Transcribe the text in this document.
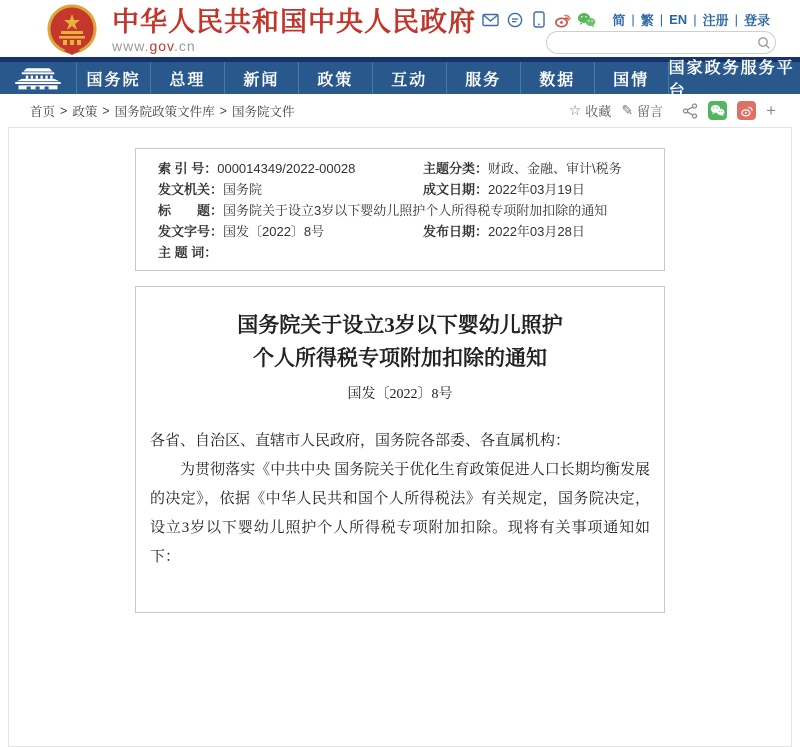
中华人民共和国中央人民政府
www.gov.cn
简 | 繁 | EN | 注册 | 登录
国务院	总理	新闻	政策	互动	服务	数据	国情
国家政务服务平台
首页 > 政策 > 国务院政策文件库 > 国务院文件	☆ 收藏 ✎ 留言	+
索 引 号： 000014349/2022-00028	主题分类： 财政、金融、审计\税务
发文机关： 国务院	成文日期： 2022年03月19日
标　　题： 国务院关于设立3岁以下婴幼儿照护个人所得税专项附加扣除的通知
发文字号： 国发〔2022〕8号	发布日期： 2022年03月28日
主 题 词：
国务院关于设立3岁以下婴幼儿照护
个人所得税专项附加扣除的通知
国发〔2022〕8号

各省、自治区、直辖市人民政府，国务院各部委、各直属机构：

为贯彻落实《中共中央 国务院关于优化生育政策促进人口长期均衡发展的决定》，依据《中华人民共和国个人所得税法》有关规定，国务院决定，设立3岁以下婴幼儿照护个人所得税专项附加扣除。现将有关事项通知如下：
